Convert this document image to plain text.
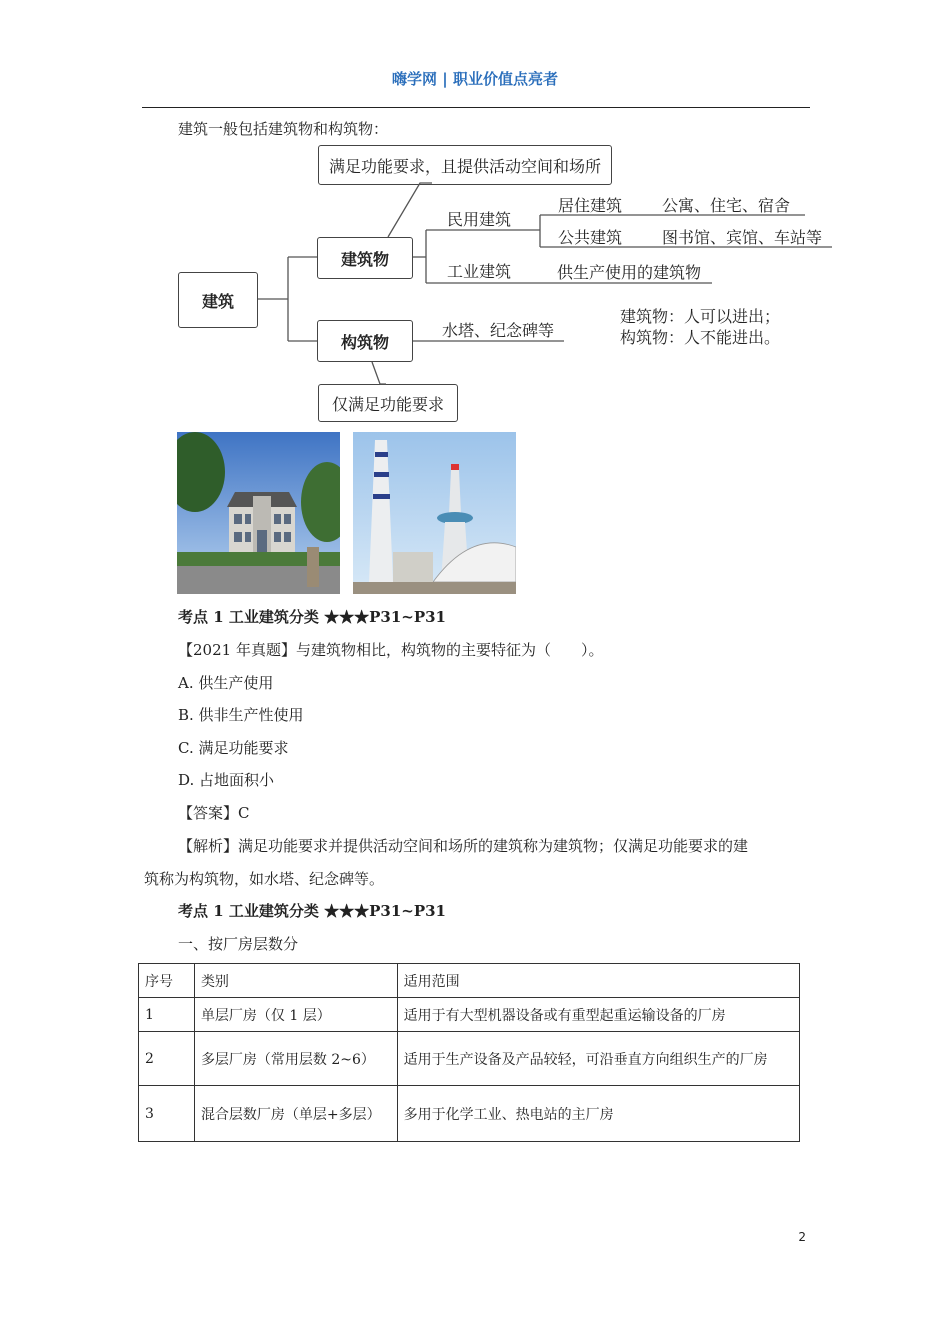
嗨学网 | 职业价值点亮者
建筑一般包括建筑物和构筑物：
满足功能要求，且提供活动空间和场所
仅满足功能要求
建筑
建筑物
构筑物
民用建筑
居住建筑 公寓、住宅、宿舍
公共建筑 图书馆、宾馆、车站等
工业建筑	供生产使用的建筑物
水塔、纪念碑等
建筑物：人可以进出；
构筑物：人不能进出。
考点 1 工业建筑分类 ★★★P31~P31
【2021 年真题】与建筑物相比，构筑物的主要特征为（　　）。
A. 供生产使用
B. 供非生产性使用
C. 满足功能要求
D. 占地面积小
【答案】C
【解析】满足功能要求并提供活动空间和场所的建筑称为建筑物；仅满足功能要求的建
筑称为构筑物，如水塔、纪念碑等。
考点 1 工业建筑分类 ★★★P31~P31
一、按厂房层数分
序号	类别	适用范围
1	单层厂房（仅 1 层）	适用于有大型机器设备或有重型起重运输设备的厂房
2	多层厂房（常用层数 2~6）	适用于生产设备及产品较轻，可沿垂直方向组织生产的厂房
3	混合层数厂房（单层+多层）	多用于化学工业、热电站的主厂房
2
